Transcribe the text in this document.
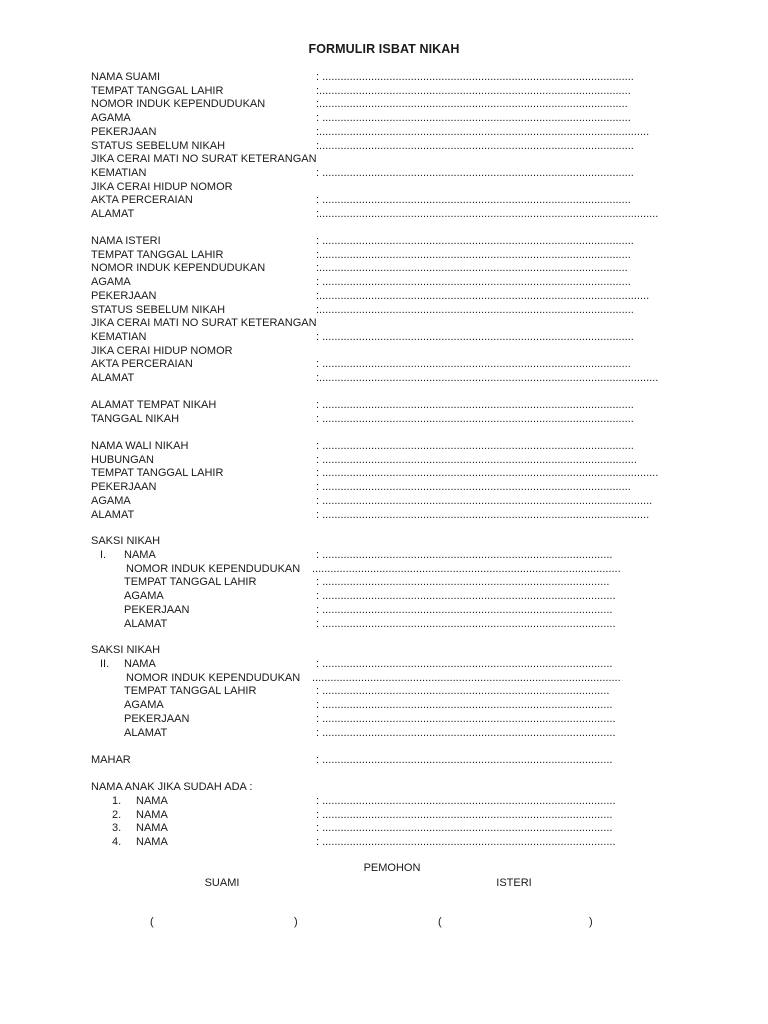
FORMULIR ISBAT NIKAH
NAMA SUAMI	: ......................................................................................................
TEMPAT TANGGAL LAHIR	:......................................................................................................
NOMOR INDUK KEPENDUDUKAN	:.....................................................................................................
AGAMA	: .....................................................................................................
PEKERJAAN	:............................................................................................................
STATUS SEBELUM NIKAH	:.......................................................................................................
JIKA CERAI MATI NO SURAT KETERANGAN
KEMATIAN	: ......................................................................................................
JIKA CERAI HIDUP NOMOR
AKTA PERCERAIAN	: .....................................................................................................
ALAMAT	:...............................................................................................................
NAMA ISTERI	: ......................................................................................................
TEMPAT TANGGAL LAHIR	:......................................................................................................
NOMOR INDUK KEPENDUDUKAN	:.....................................................................................................
AGAMA	: .....................................................................................................
PEKERJAAN	:............................................................................................................
STATUS SEBELUM NIKAH	:.......................................................................................................
JIKA CERAI MATI NO SURAT KETERANGAN
KEMATIAN	: ......................................................................................................
JIKA CERAI HIDUP NOMOR
AKTA PERCERAIAN	: .....................................................................................................
ALAMAT	:...............................................................................................................
ALAMAT TEMPAT NIKAH	: ......................................................................................................
TANGGAL NIKAH	: ......................................................................................................
NAMA WALI NIKAH	: ......................................................................................................
HUBUNGAN	: .......................................................................................................
TEMPAT TANGGAL LAHIR	: ..............................................................................................................
PEKERJAAN	: .....................................................................................................
AGAMA	: ............................................................................................................
ALAMAT	: ...........................................................................................................
SAKSI NIKAH
I. NAMA	: ...............................................................................................
NOMOR INDUK KEPENDUDUKAN .....................................................................................................
TEMPAT TANGGAL LAHIR	: ..............................................................................................
AGAMA	: ................................................................................................
PEKERJAAN	: ...............................................................................................
ALAMAT	: ................................................................................................
SAKSI NIKAH
II. NAMA	: ...............................................................................................
NOMOR INDUK KEPENDUDUKAN .....................................................................................................
TEMPAT TANGGAL LAHIR	: ..............................................................................................
AGAMA	: ...............................................................................................
PEKERJAAN	: ................................................................................................
ALAMAT	: ................................................................................................
MAHAR	: ...............................................................................................
NAMA ANAK JIKA SUDAH ADA :
1. NAMA	: ................................................................................................
2. NAMA	: ...............................................................................................
3. NAMA	: ...............................................................................................
4. NAMA	: ................................................................................................
PEMOHON
SUAMI	ISTERI
(	)	(	)
